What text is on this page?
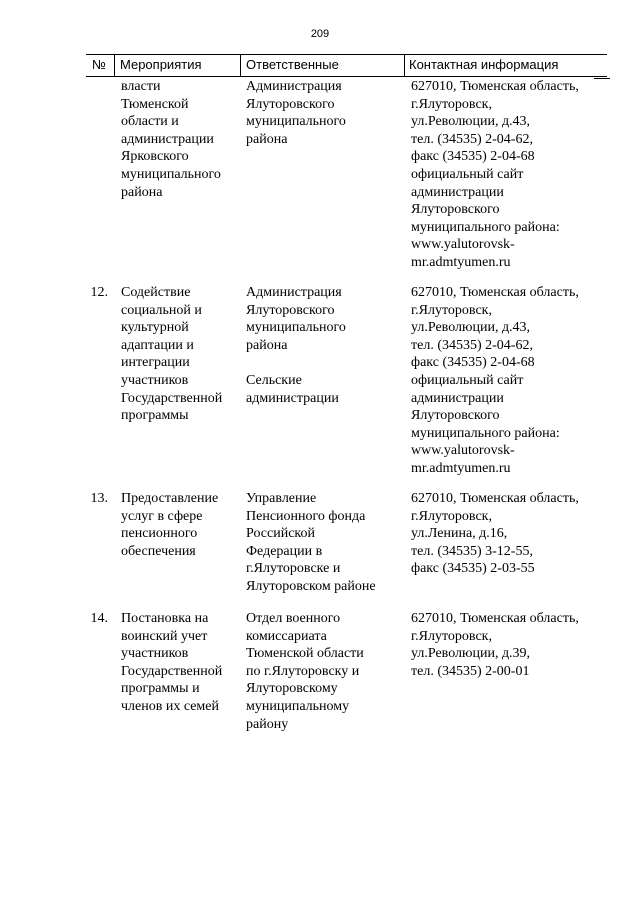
209
№ Мероприятия	Ответственные	Контактная информация

власти
Тюменской
области и
администрации
Ярковского
муниципального
района

Администрация
Ялуторовского
муниципального
района

627010, Тюменская область,
г.Ялуторовск,
ул.Революции, д.43,
тел. (34535) 2-04-62,
факс (34535) 2-04-68
официальный сайт
администрации
Ялуторовского
муниципального района:
www.yalutorovsk-
mr.admtyumen.ru

12. Содействие
социальной и
культурной
адаптации и
интеграции
участников
Государственной
программы

Администрация
Ялуторовского
муниципального
района

Сельские
администрации

627010, Тюменская область,
г.Ялуторовск,
ул.Революции, д.43,
тел. (34535) 2-04-62,
факс (34535) 2-04-68
официальный сайт
администрации
Ялуторовского
муниципального района:
www.yalutorovsk-
mr.admtyumen.ru

13. Предоставление
услуг в сфере
пенсионного
обеспечения

Управление
Пенсионного фонда
Российской
Федерации в
г.Ялуторовске и
Ялуторовском районе

627010, Тюменская область,
г.Ялуторовск,
ул.Ленина, д.16,
тел. (34535) 3-12-55,
факс (34535) 2-03-55

14. Постановка на
воинский учет
участников
Государственной
программы и
членов их семей

Отдел военного
комиссариата
Тюменской области
по г.Ялуторовску и
Ялуторовскому
муниципальному
району

627010, Тюменская область,
г.Ялуторовск,
ул.Революции, д.39,
тел. (34535) 2-00-01
